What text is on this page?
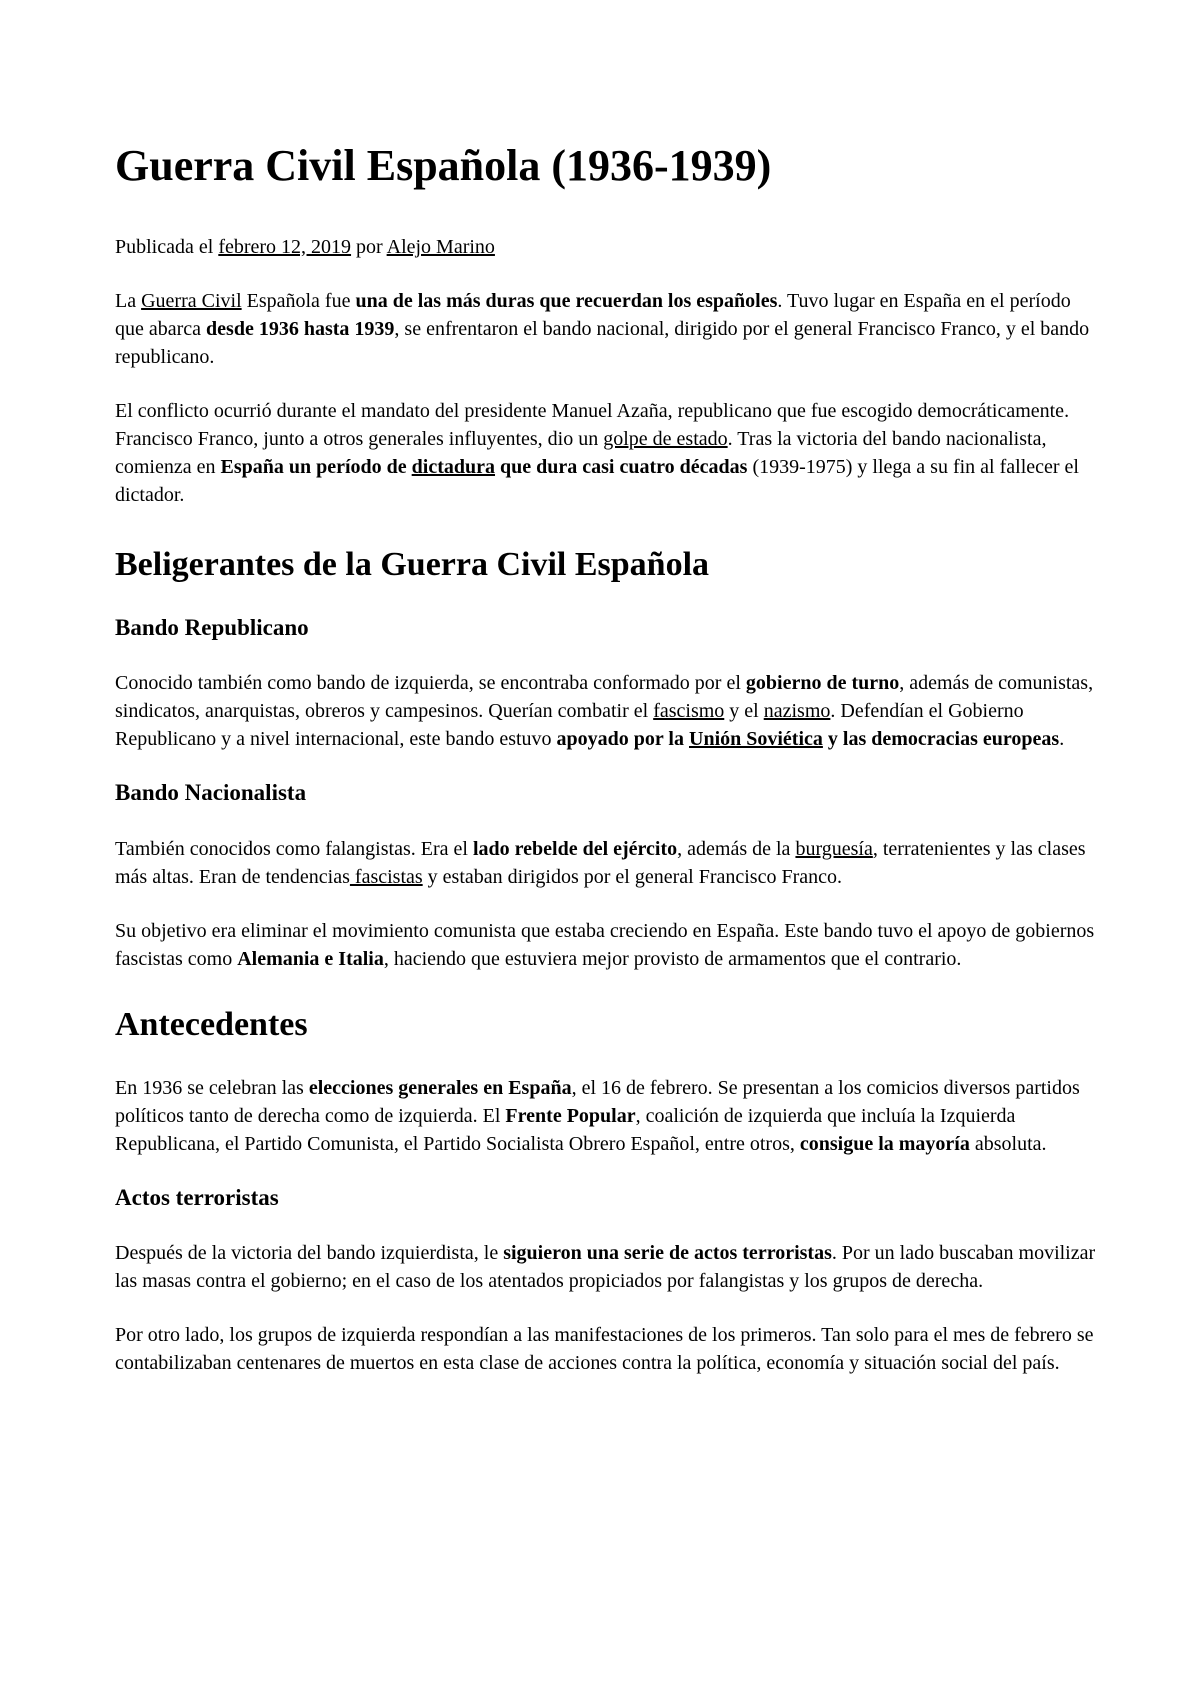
Guerra Civil Española (1936-1939)

Publicada el febrero 12, 2019 por Alejo Marino

La Guerra Civil Española fue una de las más duras que recuerdan los españoles. Tuvo lugar en España en el período que abarca desde 1936 hasta 1939, se enfrentaron el bando nacional, dirigido por el general Francisco Franco, y el bando republicano.

El conflicto ocurrió durante el mandato del presidente Manuel Azaña, republicano que fue escogido democráticamente. Francisco Franco, junto a otros generales influyentes, dio un golpe de estado. Tras la victoria del bando nacionalista, comienza en España un período de dictadura que dura casi cuatro décadas (1939-1975) y llega a su fin al fallecer el dictador.

Beligerantes de la Guerra Civil Española
Bando Republicano

Conocido también como bando de izquierda, se encontraba conformado por el gobierno de turno, además de comunistas, sindicatos, anarquistas, obreros y campesinos. Querían combatir el fascismo y el nazismo. Defendían el Gobierno Republicano y a nivel internacional, este bando estuvo apoyado por la Unión Soviética y las democracias europeas.

Bando Nacionalista

También conocidos como falangistas. Era el lado rebelde del ejército, además de la burguesía, terratenientes y las clases más altas. Eran de tendencias fascistas y estaban dirigidos por el general Francisco Franco.

Su objetivo era eliminar el movimiento comunista que estaba creciendo en España. Este bando tuvo el apoyo de gobiernos fascistas como Alemania e Italia, haciendo que estuviera mejor provisto de armamentos que el contrario.

Antecedentes

En 1936 se celebran las elecciones generales en España, el 16 de febrero. Se presentan a los comicios diversos partidos políticos tanto de derecha como de izquierda. El Frente Popular, coalición de izquierda que incluía la Izquierda Republicana, el Partido Comunista, el Partido Socialista Obrero Español, entre otros, consigue la mayoría absoluta.

Actos terroristas

Después de la victoria del bando izquierdista, le siguieron una serie de actos terroristas. Por un lado buscaban movilizar las masas contra el gobierno; en el caso de los atentados propiciados por falangistas y los grupos de derecha.

Por otro lado, los grupos de izquierda respondían a las manifestaciones de los primeros. Tan solo para el mes de febrero se contabilizaban centenares de muertos en esta clase de acciones contra la política, economía y situación social del país.
